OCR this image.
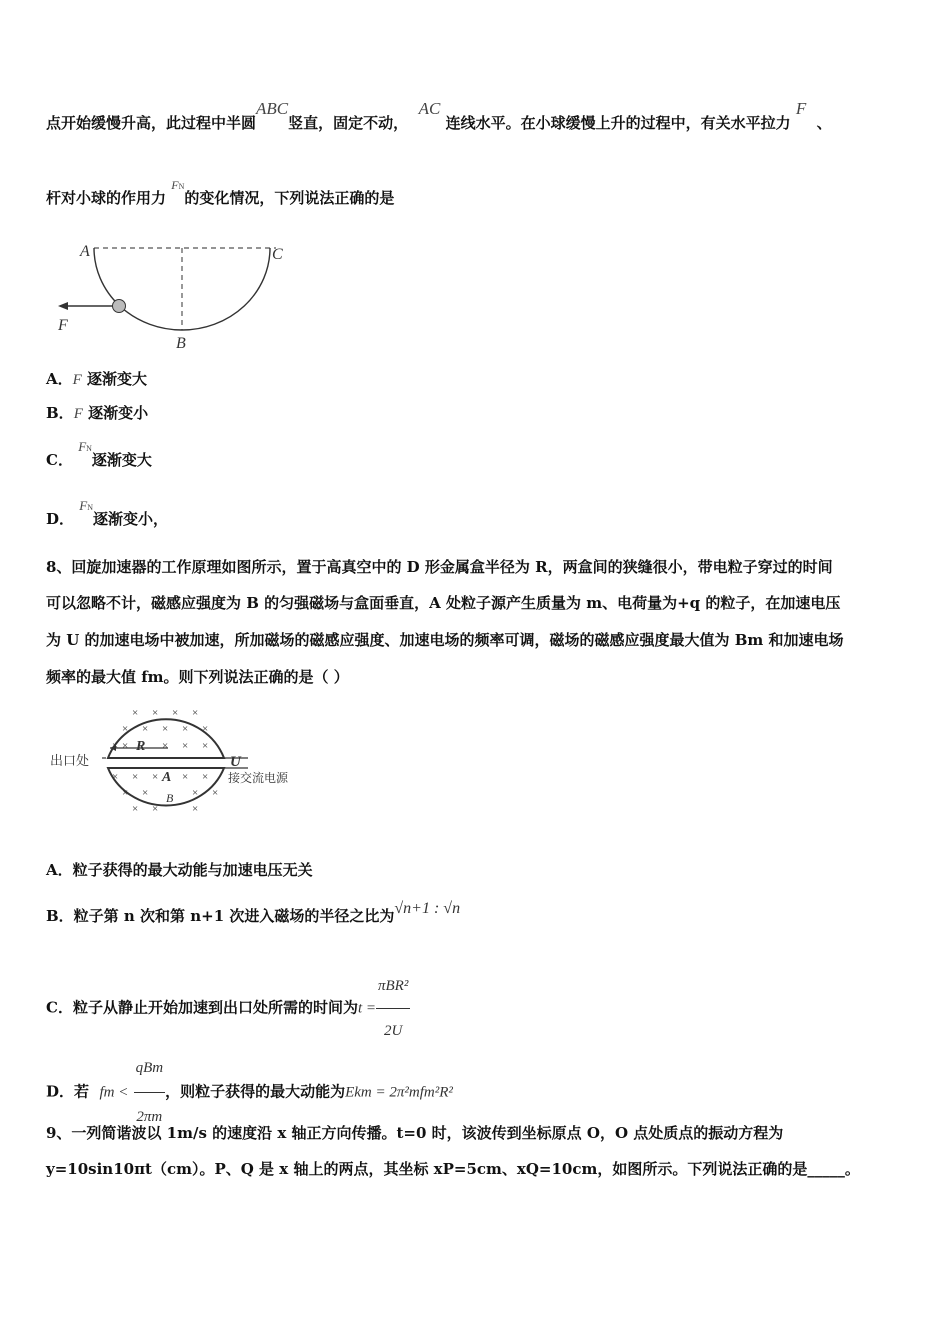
点开始缓慢升高，此过程中半圆ABC竖直，固定不动，  AC 连线水平。在小球缓慢上升的过程中，有关水平拉力 F  、
杆对小球的作用力 $^{FN}$的变化情况，下列说法正确的是
A	C
B
F
A．F 逐渐变大
B．F 逐渐变小
C． FN逐渐变大
D． FN逐渐变小，
8、回旋加速器的工作原理如图所示，置于高真空中的 D 形金属盒半径为 R，两盒间的狭缝很小，带电粒子穿过的时间
可以忽略不计，磁感应强度为 B 的匀强磁场与盒面垂直，A 处粒子源产生质量为 m、电荷量为+q 的粒子，在加速电压
为 U 的加速电场中被加速，所加磁场的磁感应强度、加速电场的频率可调，磁场的磁感应强度最大值为 Bm 和加速电场
频率的最大值 fm。则下列说法正确的是（ ）
× × × ×
× × × × ×
× ×	× × ×
× × × × ×
× ×	× ×
× ×	×
R
A
B
出口处	U
接交流电源
A．粒子获得的最大动能与加速电压无关
B．粒子第 n 次和第 n+1 次进入磁场的半径之比为√n+1 : √n
C．粒子从静止开始加速到出口处所需的时间为$t = \frac{\text{πBR²}}{2U}$
D．若 fm < $\frac{\text{qBm}}{2\pi m}$ ，则粒子获得的最大动能为Ekm = 2π²mfm²R²
9、一列简谐波以 1m/s 的速度沿 x 轴正方向传播。t=0 时，该波传到坐标原点 O，O 点处质点的振动方程为
y=10sin10πt（cm）。P、Q 是 x 轴上的两点，其坐标 xP=5cm、xQ=10cm，如图所示。下列说法正确的是_____。
